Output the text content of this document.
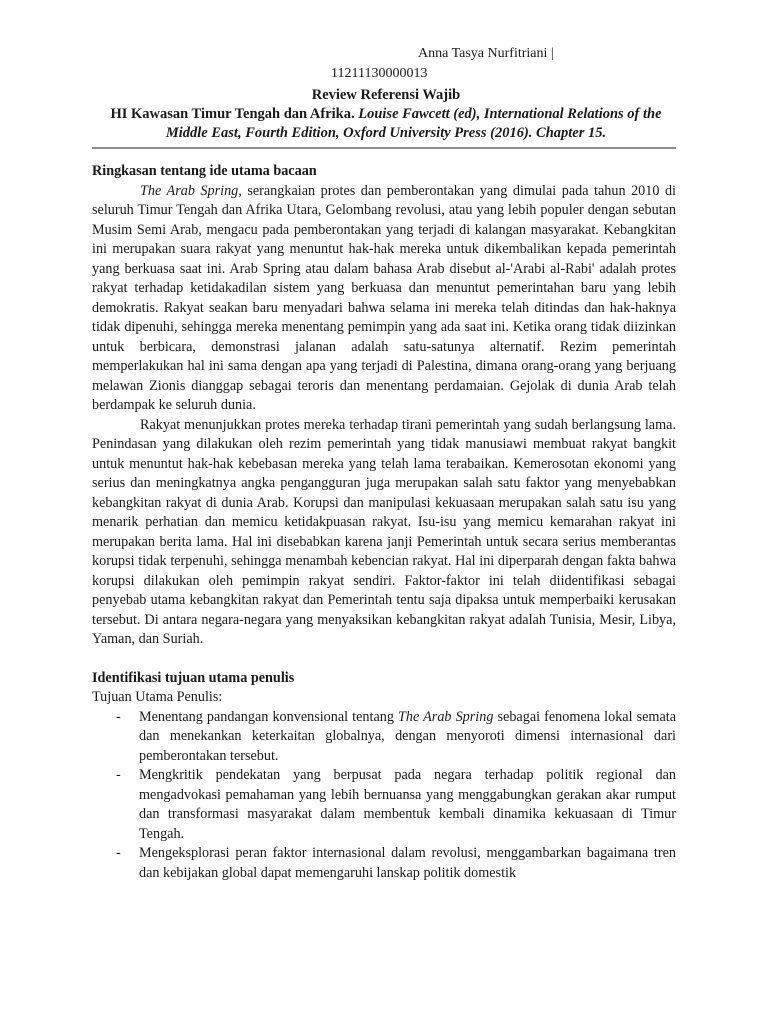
Anna Tasya Nurfitriani |
11211130000013
Review Referensi Wajib
HI Kawasan Timur Tengah dan Afrika. Louise Fawcett (ed), International Relations of the Middle East, Fourth Edition, Oxford University Press (2016). Chapter 15.

Ringkasan tentang ide utama bacaan

The Arab Spring, serangkaian protes dan pemberontakan yang dimulai pada tahun 2010 di seluruh Timur Tengah dan Afrika Utara, Gelombang revolusi, atau yang lebih populer dengan sebutan Musim Semi Arab, mengacu pada pemberontakan yang terjadi di kalangan masyarakat. Kebangkitan ini merupakan suara rakyat yang menuntut hak-hak mereka untuk dikembalikan kepada pemerintah yang berkuasa saat ini. Arab Spring atau dalam bahasa Arab disebut al-'Arabi al-Rabi' adalah protes rakyat terhadap ketidakadilan sistem yang berkuasa dan menuntut pemerintahan baru yang lebih demokratis. Rakyat seakan baru menyadari bahwa selama ini mereka telah ditindas dan hak-haknya tidak dipenuhi, sehingga mereka menentang pemimpin yang ada saat ini. Ketika orang tidak diizinkan untuk berbicara, demonstrasi jalanan adalah satu-satunya alternatif. Rezim pemerintah memperlakukan hal ini sama dengan apa yang terjadi di Palestina, dimana orang-orang yang berjuang melawan Zionis dianggap sebagai teroris dan menentang perdamaian. Gejolak di dunia Arab telah berdampak ke seluruh dunia.

Rakyat menunjukkan protes mereka terhadap tirani pemerintah yang sudah berlangsung lama. Penindasan yang dilakukan oleh rezim pemerintah yang tidak manusiawi membuat rakyat bangkit untuk menuntut hak-hak kebebasan mereka yang telah lama terabaikan. Kemerosotan ekonomi yang serius dan meningkatnya angka pengangguran juga merupakan salah satu faktor yang menyebabkan kebangkitan rakyat di dunia Arab. Korupsi dan manipulasi kekuasaan merupakan salah satu isu yang menarik perhatian dan memicu ketidakpuasan rakyat. Isu-isu yang memicu kemarahan rakyat ini merupakan berita lama. Hal ini disebabkan karena janji Pemerintah untuk secara serius memberantas korupsi tidak terpenuhi, sehingga menambah kebencian rakyat. Hal ini diperparah dengan fakta bahwa korupsi dilakukan oleh pemimpin rakyat sendiri. Faktor-faktor ini telah diidentifikasi sebagai penyebab utama kebangkitan rakyat dan Pemerintah tentu saja dipaksa untuk memperbaiki kerusakan tersebut. Di antara negara-negara yang menyaksikan kebangkitan rakyat adalah Tunisia, Mesir, Libya, Yaman, dan Suriah.

Identifikasi tujuan utama penulis

Tujuan Utama Penulis:

- Menentang pandangan konvensional tentang The Arab Spring sebagai fenomena lokal semata dan menekankan keterkaitan globalnya, dengan menyoroti dimensi internasional dari pemberontakan tersebut.
- Mengkritik pendekatan yang berpusat pada negara terhadap politik regional dan mengadvokasi pemahaman yang lebih bernuansa yang menggabungkan gerakan akar rumput dan transformasi masyarakat dalam membentuk kembali dinamika kekuasaan di Timur Tengah.
- Mengeksplorasi peran faktor internasional dalam revolusi, menggambarkan bagaimana tren dan kebijakan global dapat memengaruhi lanskap politik domestik
